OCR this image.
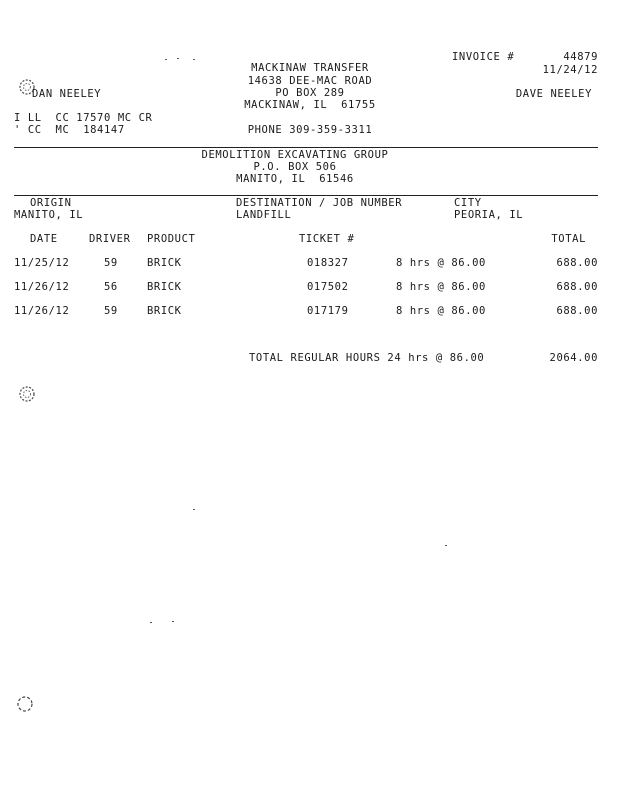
MACKINAW TRANSFER
14638 DEE-MAC ROAD
PO BOX 289
MACKINAW, IL  61755
PHONE 309-359-3311
INVOICE #	44879
11/24/12
DAVE NEELEY
DAN NEELEY
I LL  CC 17570 MC CR
' CC  MC  184147
DEMOLITION EXCAVATING GROUP
P.O. BOX 506
MANITO, IL  61546
ORIGIN
MANITO, IL
DESTINATION / JOB NUMBER
LANDFILL
CITY
PEORIA, IL
DATE	DRIVER PRODUCT	TICKET #	TOTAL
11/25/12	59	BRICK	018327	8 hrs @ 86.00	688.00
11/26/12	56	BRICK	017502	8 hrs @ 86.00	688.00
11/26/12	59	BRICK	017179	8 hrs @ 86.00	688.00
TOTAL REGULAR HOURS 24 hrs @ 86.00	2064.00
